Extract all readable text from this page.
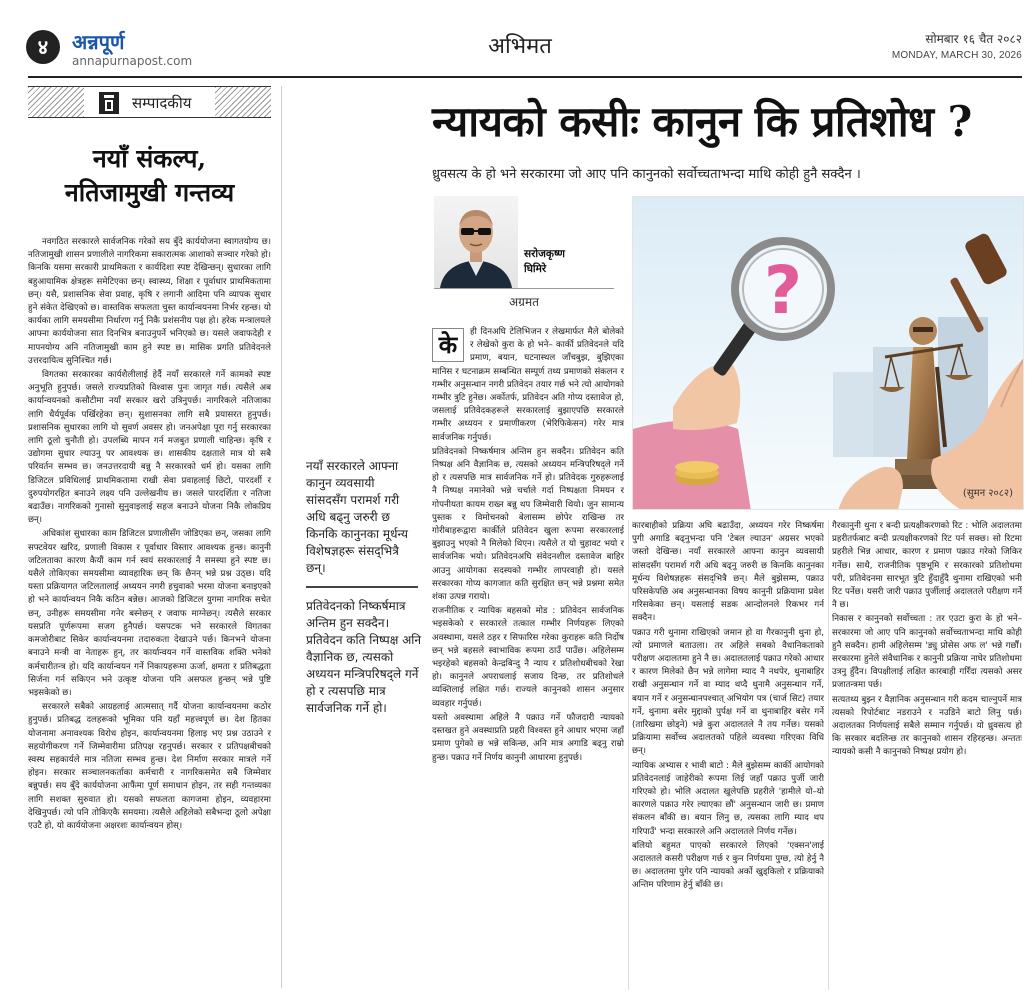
४	अन्नपूर्ण
annapurnapost.com
अभिमत	सोमबार १६ चैत २०८२
MONDAY, MARCH 30, 2026
सम्पादकीय
नयाँ संकल्प,
नतिजामुखी गन्तव्य

नवगठित सरकारले सार्वजनिक गरेको सय बुँदे कार्ययोजना स्वागतयोग्य छ। नतिजामुखी शासन प्रणालीले नागरिकमा सकारात्मक आशाको सञ्चार गरेको हो। किनकि यसमा सरकारी प्राथमिकता र कार्यदिशा स्पष्ट देखिन्छन्। सुधारका लागि बहुआयामिक क्षेत्रहरू समेटिएका छन्। स्वास्थ्य, शिक्षा र पूर्वाधार प्राथमिकतामा छन्। यसै, प्रशासनिक सेवा प्रवाह, कृषि र लगानी आदिमा पनि व्यापक सुधार हुने संकेत देखिएको छ। वास्तविक सफलता चुस्त कार्यान्वयनमा निर्भर रहन्छ। यो कार्यका लागि समयसीमा निर्धारण गर्नु निकै प्रशंसनीय पक्ष हो। हरेक मन्त्रालयले आफ्ना कार्ययोजना सात दिनभित्र बनाउनुपर्ने भनिएको छ। यसले जवाफदेही र मापनयोग्य अनि नतिजामुखी काम हुने स्पष्ट छ। मासिक प्रगति प्रतिवेदनले उत्तरदायित्व सुनिश्चित गर्छ।

विगतका सरकारका कार्यशैलीलाई हेर्दै नयाँ सरकारले गर्ने कामको स्पष्ट अनुभूति हुनुपर्छ। जसले राज्यप्रतिको विश्वास पुनः जागृत गर्छ। त्यसैले अब कार्यान्वयनको कसौटीमा नयाँ सरकार खरो उत्रिनुपर्छ। नागरिकले नतिजाका लागि धैर्यपूर्वक पर्खिरहेका छन्। सुशासनका लागि सबै प्रयासरत हुनुपर्छ। प्रशासनिक सुधारका लागि यो सुवर्ण अवसर हो। जनअपेक्षा पूरा गर्नु सरकारका लागि ठूलो चुनौती हो। उपलब्धि मापन गर्न मजबुत प्रणाली चाहिन्छ। कृषि र उद्योगमा सुधार ल्याउनु पर आवश्यक छ। शासकीय दक्षताले मात्र यो सबै परिवर्तन सम्भव छ। जनउत्तरदायी बन्नु नै सरकारको धर्म हो। यसका लागि डिजिटल प्रविधिलाई प्राथमिकतामा राखी सेवा प्रवाहलाई छिटो, पारदर्शी र दुरुपयोगरहित बनाउने लक्ष्य पनि उल्लेखनीय छ। जसले पारदर्शिता र नतिजा बढाउँछ। नागरिकको गुनासो सुनुवाइलाई सहज बनाउने योजना निकै लोकप्रिय छन्।

अधिकांश सुधारका काम डिजिटल प्रणालीसँग जोडिएका छन्, जसका लागि सफ्टवेयर खरिद, प्रणाली विकास र पूर्वाधार विस्तार आवश्यक हुन्छ। कानुनी जटिलताका कारण कैयौं काम गर्न स्वयं सरकारलाई नै समस्या हुने स्पष्ट छ। यसैले तोकिएका समयसीमा व्यावहारिक छन् कि छैनन् भन्ने प्रश्न उठ्छ। यदि यस्ता प्रक्रियागत जटिलतालाई अध्ययन नगरी हचुवाको भरमा योजना बनाइएको हो भने कार्यान्वयन निकै कठिन बन्नेछ। आजको डिजिटल युगमा नागरिक सचेत छन्, उनीहरू समयसीमा गनेर बस्नेछन् र जवाफ माग्नेछन्। त्यसैले सरकार यसप्रति पूर्णरूपमा सजग हुनैपर्छ। यसपटक भने सरकारले विगतका कमजोरीबाट सिकेर कार्यान्वयनमा तदारुकता देखाउने पर्छ। किनभने योजना बनाउने मन्त्री वा नेताहरू हुन्, तर कार्यान्वयन गर्ने वास्तविक शक्ति भनेको कर्मचारीतन्त्र हो। यदि कार्यान्वयन गर्ने निकायहरूमा ऊर्जा, क्षमता र प्रतिबद्धता सिर्जना गर्न सकिएन भने उत्कृष्ट योजना पनि असफल हुन्छन् भन्ने पुष्टि भइसकेको छ।

सरकारले सबैको आग्रहलाई आत्मसात् गर्दै योजना कार्यान्वयनमा कठोर हुनुपर्छ। प्रतिबद्ध दलहरूको भूमिका पनि यहाँ महत्त्वपूर्ण छ। देश हितका योजनामा अनावश्यक विरोध होइन, कार्यान्वयनमा हिलाइ भए प्रश्न उठाउने र सहयोगीकरण गर्ने जिम्मेवारीमा प्रतिपक्ष रहनुपर्छ। सरकार र प्रतिपक्षबीचको स्वस्थ सहकार्यले मात्र नतिजा सम्भव हुन्छ। देश निर्माण सरकार मात्रले गर्ने होइन। सरकार सञ्चालनकर्ताका कर्मचारी र नागरिकसमेत सबै जिम्मेवार बन्नुपर्छ। सय बुँदे कार्ययोजना आफैंमा पूर्ण समाधान होइन, तर सही गन्तव्यका लागि सशक्त सुरुवात हो। यसको सफलता कागजमा होइन, व्यवहारमा देखिनुपर्छ। त्यो पनि तोकिएकै समयमा। त्यसैले अहिलेको सबैभन्दा ठूलो अपेक्षा एउटै हो, यो कार्ययोजना अक्षरशः कार्यान्वयन होस्।

न्यायको कसीः कानुन कि प्रतिशोध ?
ध्रुवसत्य के हो भने सरकारमा जो आए पनि कानुनको सर्वोच्चताभन्दा माथि कोही हुनै सक्दैन ।
सरोजकृष्ण
घिमिरे
अग्रमत	?
(सुमन २०८२)
नयाँ सरकारले आफ्ना कानुन व्यवसायी सांसदसँग परामर्श गरी अधि बढ्नु जरुरी छ किनकि कानुनका मूर्धन्य विशेषज्ञहरू संसद्‌भित्रै छन्।
प्रतिवेदनको निष्कर्षमात्र अन्तिम हुन सक्दैन। प्रतिवेदन कति निष्पक्ष अनि वैज्ञानिक छ, त्यसको अध्ययन मन्त्रिपरिषद्ले गर्ने हो र त्यसपछि मात्र सार्वजनिक गर्ने हो।
के	ही दिनअघि टेलिभिजन र लेखमार्फत मैले बोलेको र लेखेको कुरा के हो भने– कार्की प्रतिवेदनले यदि प्रमाण, बयान, घटनास्थल जाँचबुझ, बुझिएका मानिस र घटनाक्रम सम्बन्धित सम्पूर्ण तथ्य प्रमाणको संकलन र गम्भीर अनुसन्धान नगरी प्रतिवेदन तयार गर्छ भने त्यो आयोगको गम्भीर त्रुटि हुनेछ। अर्कोतर्फ, प्रतिवेदन अति गोप्य दस्तावेज हो, जसलाई प्रतिवेदकहरूले सरकारलाई बुझाएपछि सरकारले गम्भीर अध्ययन र प्रमाणीकरण (भेरिफिकेसन) गरेर मात्र सार्वजनिक गर्नुपर्छ।

प्रतिवेदनको निष्कर्षमात्र अन्तिम हुन सक्दैन। प्रतिवेदन कति निष्पक्ष अनि वैज्ञानिक छ, त्यसको अध्ययन मन्त्रिपरिषद्ले गर्ने हो र त्यसपछि मात्र सार्वजनिक गर्ने हो। प्रतिवेदक गुरुहरूलाई नै निष्पक्ष नमानेको भन्ने चर्चाले गर्दा निष्पक्षता निमयन र गोपनीयता कायम राख्न बन्नु थप जिम्मेवारी थियो। जुन सामान्य पुस्तक र विमोचनको बेलासम्म छोपेर राखिन्छ तर गोरीबाहरूद्वारा कार्कीले प्रतिवेदन खुला रूपमा सरकारलाई बुझाउनु भएको नै मिलेको थिएन। त्यसैले त यो चुहावट भयो र सार्वजनिक भयो। प्रतिवेदनअघि संवेदनशील दस्तावेज बाहिर आउनु आयोगका सदस्यको गम्भीर लापरवाही हो। यसले सरकारका गोप्य कागजात कति सुरक्षित छन् भन्ने प्रश्नमा समेत शंका उत्पन्न गरायो।

राजनीतिक र न्यायिक बहसको मोड : प्रतिवेदन सार्वजनिक भइसकेको र सरकारले तत्काल गम्भीर निर्णयहरू लिएको अवस्थामा, यसले ठहर र सिफारिस गरेका कुराहरू कति निर्दोष छन् भन्ने बहसले स्वाभाविक रूपमा ठाउँ पाउँछ। अहिलेसम्म भइरहेको बहसको केन्द्रबिन्दु नै न्याय र प्रतिशोधबीचको रेखा हो। कानुनले अपराधलाई सजाय दिन्छ, तर प्रतिशोधले व्यक्तिलाई लक्षित गर्छ। राज्यले कानुनको शासन अनुसार व्यवहार गर्नुपर्छ।

यस्तो अवस्थामा अहिले नै पक्राउ गर्ने फौजदारी न्यायको दस्तखत हुने अवस्थाप्रति प्रहरी विश्वस्त हुने आधार भएमा जहाँ प्रमाण पुगेको छ भन्ने सकिन्छ, अनि मात्र अगाडि बढ्नु राम्रो हुन्छ। पक्राउ गर्ने निर्णय कानुनी आधारमा हुनुपर्छ।

कारबाहीको प्रक्रिया अघि बढाउँदा, अध्ययन गरेर निष्कर्षमा पुगी अगाडि बढ्नुभन्दा पनि 'टेबल ल्याउन' अग्रसर भएको जस्तो देखिन्छ। नयाँ सरकारले आफ्ना कानुन व्यवसायी सांसदसँग परामर्श गरी अधि बढ्नु जरुरी छ किनकि कानुनका मूर्धन्य विशेषज्ञहरू संसद्‌भित्रै छन्। मैले बुझेसम्म, पक्राउ परिसकेपछि अब अनुसन्धानका विषय कानुनी प्रक्रियामा प्रवेश गरिसकेका छन्। यसलाई सडक आन्दोलनले रिकभर गर्न सक्दैन।

पक्राउ गरी थुनामा राखिएको जमान हो वा गैरकानुनी थुना हो, त्यो प्रमाणले बताउला। तर अहिले सबको वैधानिकताको परीक्षण अदालतमा हुने नै छ। अदालतलाई पक्राउ गरेको आधार र कारण मिलेको छैन भन्ने लागेमा म्याद नै नथपेर, थुनाबाहिर राखी अनुसन्धान गर्ने वा म्याद थप्दै थुनामै अनुसन्धान गर्ने, बयान गर्ने र अनुसन्धानपश्चात् अभियोग पत्र (चार्ज सिट) तयार गर्ने, थुनामा बसेर मुद्दाको पुर्पक्ष गर्ने वा थुनाबाहिर बसेर गर्ने (तारिखमा छोड्ने) भन्ने कुरा अदालतले नै तय गर्नेछ। यसको प्रक्रियामा सर्वोच्च अदालतको पहिले व्यवस्था गरिएका विधि छन्।

न्यायिक अभ्यास र भावी बाटो : मैले बुझेसम्म कार्की आयोगको प्रतिवेदनलाई जाहेरीको रूपमा लिई जहाँ पक्राउ पुर्जी जारी गरिएको हो। भोलि अदालत खुलेपछि प्रहरीले 'हामीले यो–यो कारणले पक्राउ गरेर ल्याएका छौं' अनुसन्धान जारी छ। प्रमाण संकलन बाँकी छ। बयान लिनु छ, त्यसका लागि म्याद थप गरिपाउँ' भन्दा सरकारले अनि अदालतले निर्णय गर्नेछ।

बलियो बहुमत पाएको सरकारले लिएको 'एक्सन'लाई अदालतले कसरी परीक्षण गर्छ र कुन निर्णयमा पुग्छ, त्यो हेर्नु नै छ। अदालतमा पुगेर पनि न्यायको अर्को खुड्किलो र प्रक्रियाको अन्तिम परिणाम हेर्नु बाँकी छ।

गैरकानुनी थुना र बन्दी प्रत्यक्षीकरणको रिट : भोलि अदालतमा प्रहरीतर्फबाट बन्दी प्रत्यक्षीकरणको रिट पर्न सक्छ। सो रिटमा प्रहरीले भिन्न आधार, कारण र प्रमाण पक्राउ गरेको जिकिर गर्नेछ। साथै, राजनीतिक पृष्ठभूमि र सरकारको प्रतिशोधमा परी, प्रतिवेदनमा सारभूत त्रुटि हुँदाहुँदै थुनामा राखिएको भनी रिट पर्नेछ। यसरी जारी पक्राउ पुर्जीलाई अदालतले परीक्षण गर्ने नै छ।

निकास र कानुनको सर्वोच्चता : तर एउटा कुरा के हो भने– सरकारमा जो आए पनि कानुनको सर्वोच्चताभन्दा माथि कोही हुनै सक्दैन। हामी अहिलेसम्म 'ड्यु प्रोसेस अफ ल' भन्ने गर्छौं। सरकारमा हुनेले संवैधानिक र कानुनी प्रक्रिया नाघेर प्रतिशोधमा उत्रनु हुँदैन। विपक्षीलाई लक्षित कारबाही गरिँदा त्यसको असर प्रजातन्त्रमा पर्छ।

सत्यतथ्य बुझ्न र वैज्ञानिक अनुसन्धान गरी कदम चाल्नुपर्ने मात्र त्यसको रिपोर्टबाट नडराउने र नउडिने बाटो लिनु पर्छ। अदालतका निर्णयलाई सबैले सम्मान गर्नुपर्छ। यो ध्रुवसत्य हो कि सरकार बदलिन्छ तर कानुनको शासन रहिरहन्छ। अन्ततः न्यायको कसी नै कानुनको निष्पक्ष प्रयोग हो।
